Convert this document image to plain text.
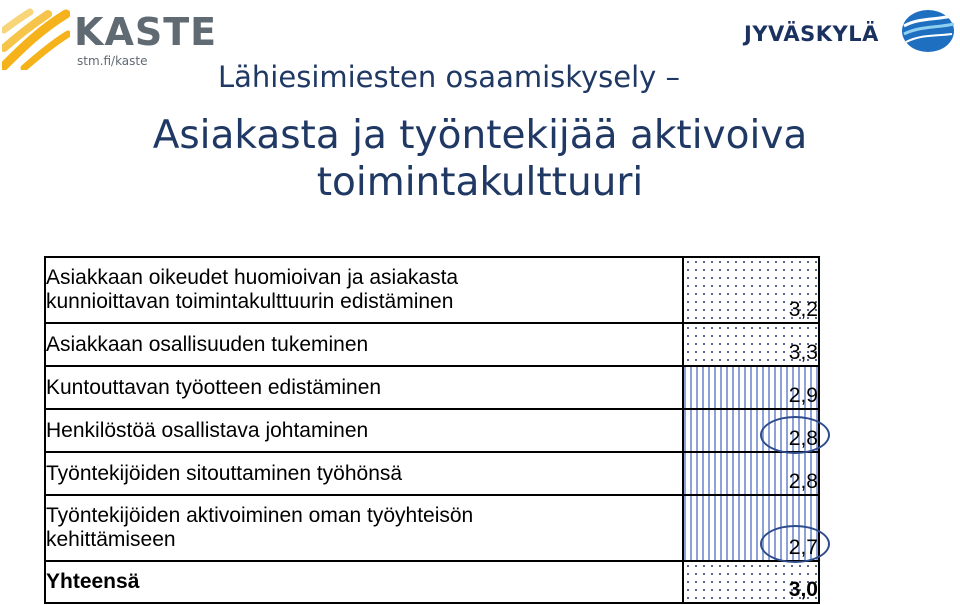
KASTE
stm.fi/kaste
JYVÄSKYLÄ
Lähiesimiesten osaamiskysely –
Asiakasta ja työntekijää aktivoiva
toimintakulttuuri
Asiakkaan oikeudet huomioivan ja asiakasta
kunnioittavan toimintakulttuurin edistäminen	3,2
Asiakkaan osallisuuden tukeminen	3,3
Kuntouttavan työotteen edistäminen	2,9
Henkilöstöä osallistava johtaminen	2,8

Työntekijöiden sitouttaminen työhönsä	2,8

Työntekijöiden aktivoiminen oman työyhteisön
kehittämiseen	2,7

Yhteensä	3,0
